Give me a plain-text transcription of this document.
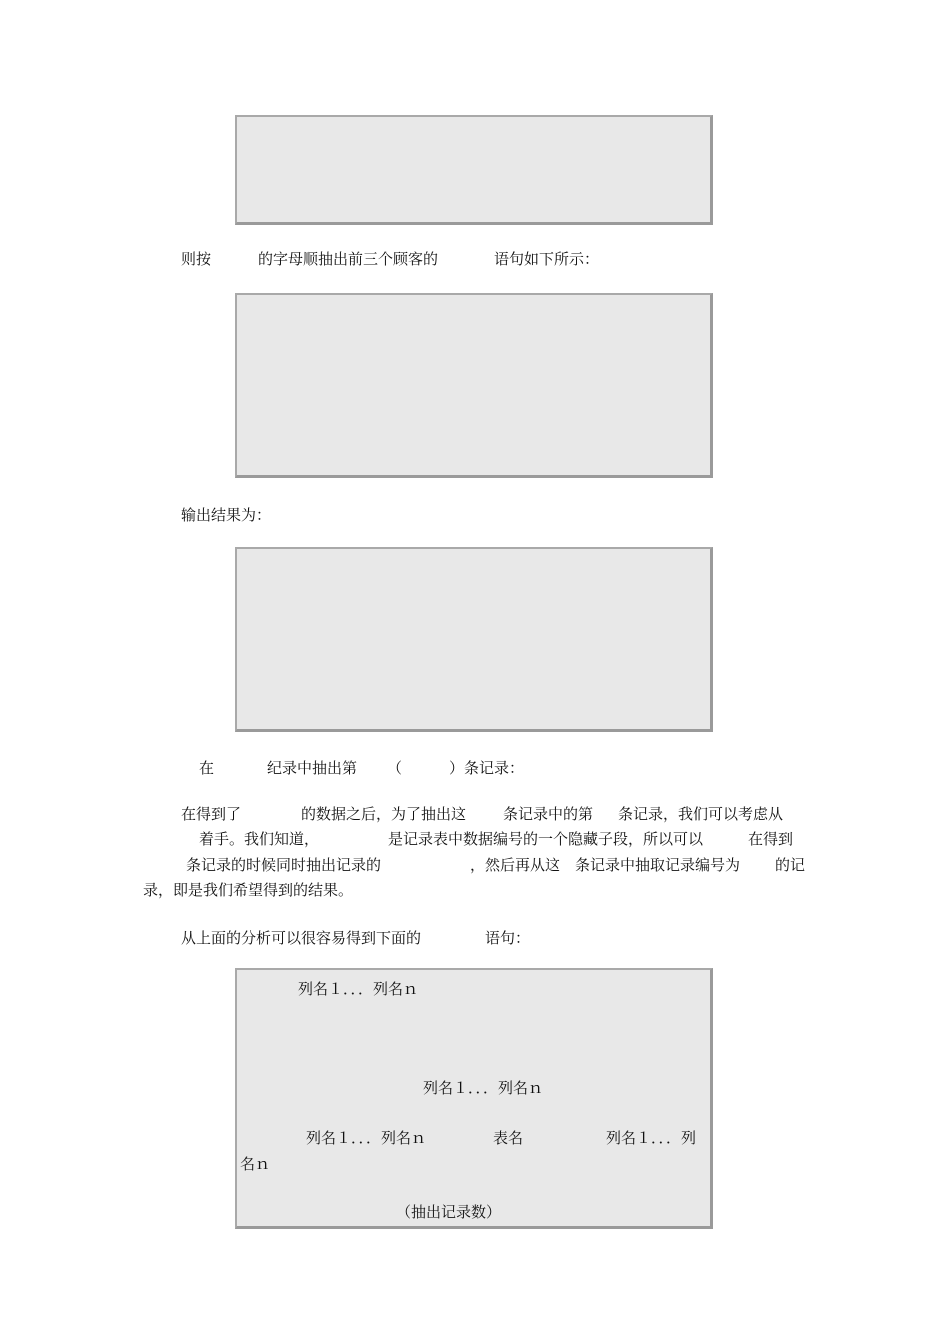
则按	的字母顺抽出前三个顾客的	语句如下所示：
输出结果为：
在	纪录中抽出第 （	）条记录：
在得到了	的数据之后，为了抽出这 条记录中的第 条记录，我们可以考虑从
着手。我们知道，	是记录表中数据编号的一个隐藏子段，所以可以	在得到
条记录的时候同时抽出记录的	，然后再从这 条记录中抽取记录编号为 的记
录，即是我们希望得到的结果。
从上面的分析可以很容易得到下面的	语句：
列名１．．．列名ｎ
列名１．．．列名ｎ
列名１．．．列名ｎ	表名	列名１．．．列
名ｎ
（抽出记录数）
